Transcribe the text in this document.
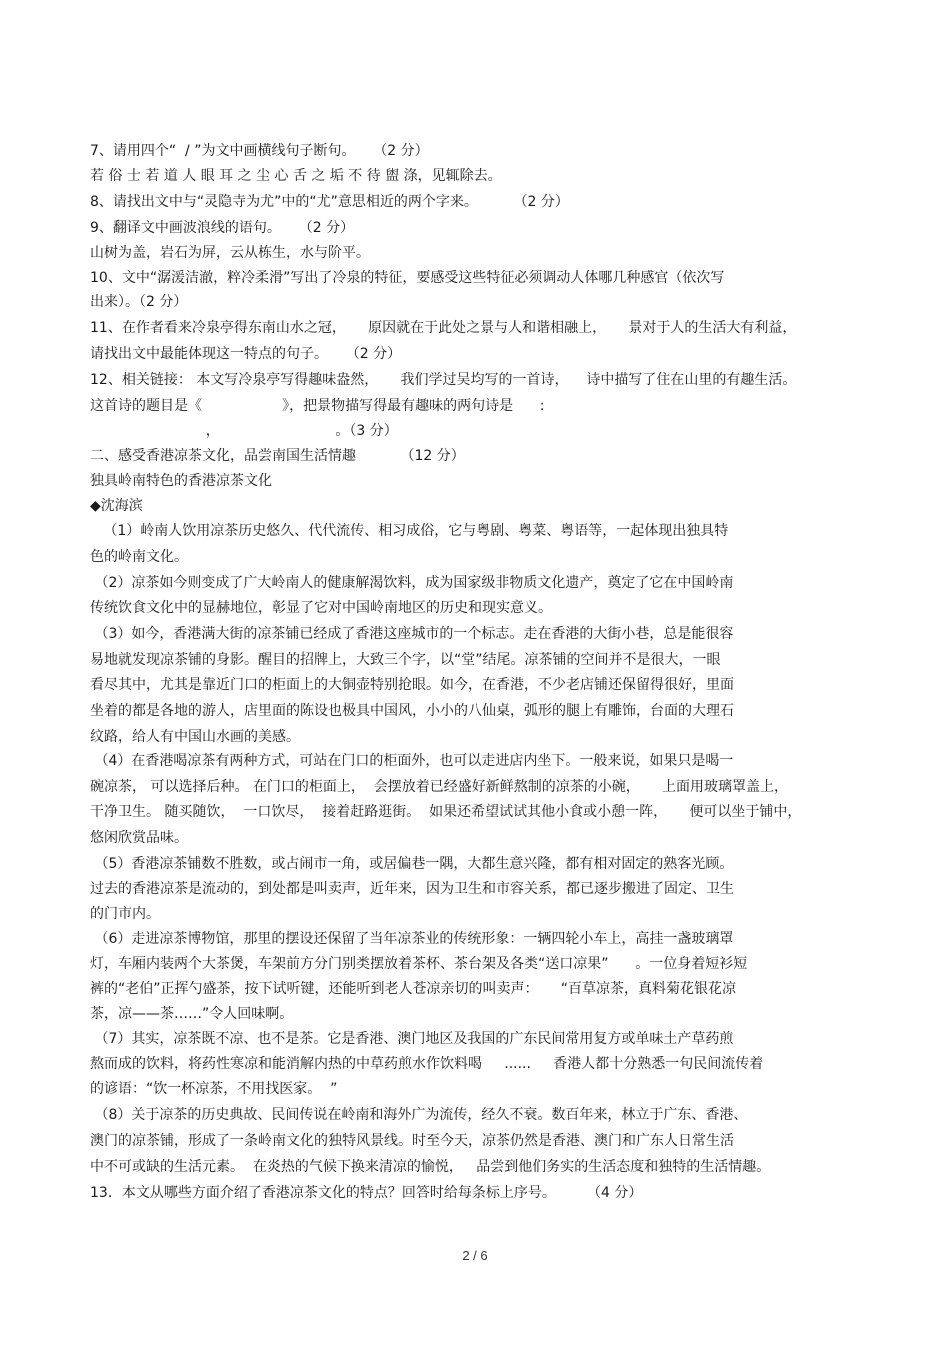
7、请用四个“  / ”为文中画横线句子断句。    （2 分）
若 俗 士 若 道 人 眼 耳 之 尘 心 舌 之 垢 不 待 盥 涤，见辄除去。
8、请找出文中与“灵隐寺为尤”中的“尤”意思相近的两个字来。        （2 分）
9、翻译文中画波浪线的语句。    （2 分）
山树为盖，岩石为屏，云从栋生，水与阶平。
10、文中“潺湲洁澈，粹冷柔滑”写出了冷泉的特征，要感受这些特征必须调动人体哪几种感官（依次写
出来）。（2 分）
11、在作者看来冷泉亭得东南山水之冠，     原因就在于此处之景与人和谐相融上，     景对于人的生活大有利益，
请找出文中最能体现这一特点的句子。    （2 分）
12、相关链接： 本文写冷泉亭写得趣味盎然，     我们学过吴均写的一首诗，    诗中描写了住在山里的有趣生活。
这首诗的题目是《                  》，把景物描写得最有趣味的两句诗是      :
，                          。（3 分）
二、感受香港凉茶文化，品尝南国生活情趣          （12 分）
独具岭南特色的香港凉茶文化
◆沈海滨
（1）岭南人饮用凉茶历史悠久、代代流传、相习成俗，它与粤剧、粤菜、粤语等，一起体现出独具特
色的岭南文化。
（2）凉茶如今则变成了广大岭南人的健康解渴饮料，成为国家级非物质文化遗产，奠定了它在中国岭南
传统饮食文化中的显赫地位，彰显了它对中国岭南地区的历史和现实意义。
（3）如今，香港满大街的凉茶铺已经成了香港这座城市的一个标志。走在香港的大街小巷，总是能很容
易地就发现凉茶铺的身影。醒目的招牌上，大致三个字，以“堂”结尾。凉茶铺的空间并不是很大，一眼
看尽其中，尤其是靠近门口的柜面上的大铜壶特别抢眼。如今，在香港，不少老店铺还保留得很好，里面
坐着的都是各地的游人，店里面的陈设也极具中国风，小小的八仙桌，弧形的腿上有雕饰，台面的大理石
纹路，给人有中国山水画的美感。
（4）在香港喝凉茶有两种方式，可站在门口的柜面外，也可以走进店内坐下。一般来说，如果只是喝一
碗凉茶， 可以选择后种。 在门口的柜面上，  会摆放着已经盛好新鲜熬制的凉茶的小碗，     上面用玻璃罩盖上，
干净卫生。 随买随饮，  一口饮尽，  接着赶路逛街。  如果还希望试试其他小食或小憩一阵，     便可以坐于铺中，
悠闲欣赏品味。
（5）香港凉茶铺数不胜数，或占闹市一角，或居偏巷一隅，大都生意兴隆，都有相对固定的熟客光顾。
过去的香港凉茶是流动的，到处都是叫卖声，近年来，因为卫生和市容关系，都已逐步搬进了固定、卫生
的门市内。
（6）走进凉茶博物馆，那里的摆设还保留了当年凉茶业的传统形象：一辆四轮小车上，高挂一盏玻璃罩
灯，车厢内装两个大茶煲，车架前方分门别类摆放着茶杯、茶台架及各类“送口凉果”      。一位身着短衫短
裤的“老伯”正挥勺盛茶，按下试听键，还能听到老人苍凉亲切的叫卖声：     “百草凉茶，真料菊花银花凉
茶，凉——茶……”令人回味啊。
（7）其实，凉茶既不凉、也不是茶。它是香港、澳门地区及我国的广东民间常用复方或单味土产草药煎
熬而成的饮料，将药性寒凉和能消解内热的中草药煎水作饮料喝     ......     香港人都十分熟悉一句民间流传着
的谚语：“饮一杯凉茶，不用找医家。  ”
（8）关于凉茶的历史典故、民间传说在岭南和海外广为流传，经久不衰。数百年来，林立于广东、香港、
澳门的凉茶铺，形成了一条岭南文化的独特风景线。时至今天，凉茶仍然是香港、澳门和广东人日常生活
中不可或缺的生活元素。  在炎热的气候下换来清凉的愉悦，   品尝到他们务实的生活态度和独特的生活情趣。
13．本文从哪些方面介绍了香港凉茶文化的特点？回答时给每条标上序号。       （4 分）
2 / 6
